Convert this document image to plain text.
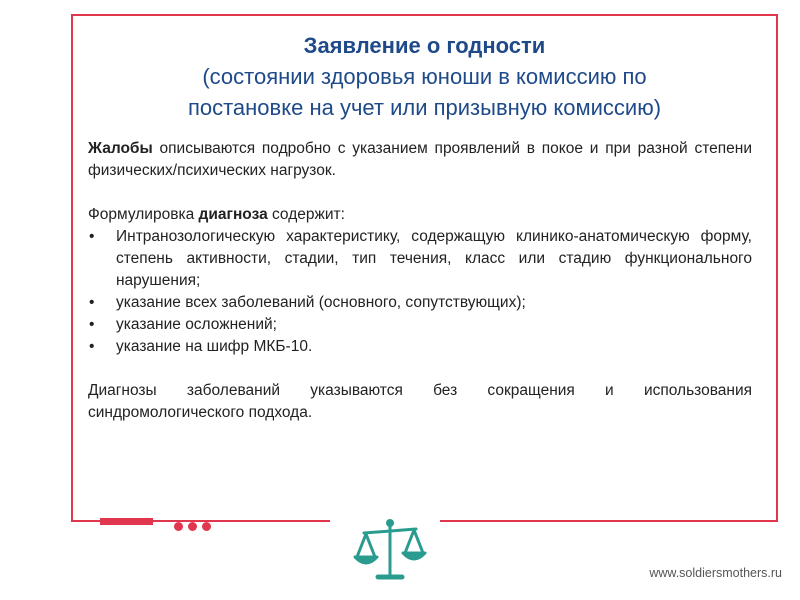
Заявление о годности
(состоянии здоровья юноши в комиссию по
постановке на учет или призывную комиссию)

Жалобы описываются подробно с указанием проявлений в покое и при разной степени физических/психических нагрузок.

Формулировка диагноза содержит:

• Интранозологическую характеристику, содержащую клинико-анатомическую форму, степень активности, стадии, тип течения, класс или стадию функционального нарушения;
• указание всех заболеваний (основного, сопутствующих);
• указание осложнений;
• указание на шифр МКБ-10.

Диагнозы заболеваний указываются без сокращения и использования синдромологического подхода.

www.soldiersmothers.ru
